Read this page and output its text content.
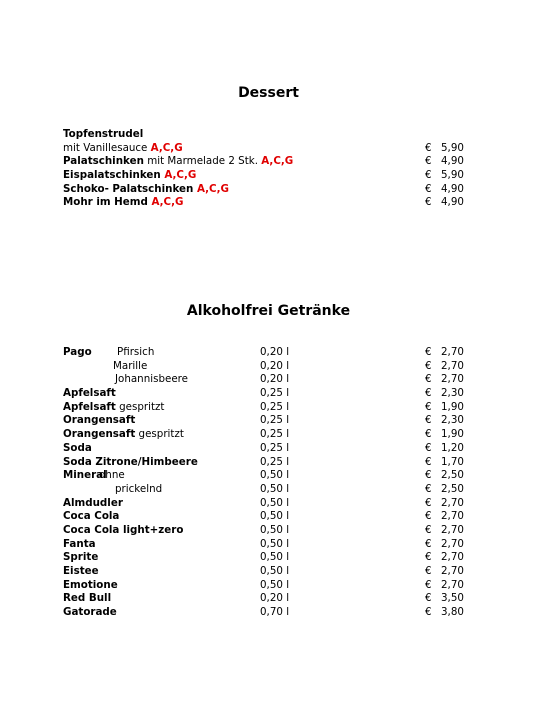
Dessert
Topfenstrudel
mit Vanillesauce A,C,G	€ 5,90
Palatschinken mit Marmelade 2 Stk. A,C,G	€ 4,90
Eispalatschinken A,C,G	€ 5,90
Schoko- Palatschinken A,C,G	€ 4,90
Mohr im Hemd A,C,G	€ 4,90
Alkoholfrei Getränke
Pago Pfirsich	0,20 l	€ 2,70
Marille	0,20 l	€ 2,70
Johannisbeere	0,20 l	€ 2,70
Apfelsaft	0,25 l	€ 2,30
Apfelsaft gespritzt	0,25 l	€ 1,90
Orangensaft	0,25 l	€ 2,30
Orangensaft gespritzt	0,25 l	€ 1,90
Soda	0,25 l	€ 1,20
Soda Zitrone/Himbeere	0,25 l	€ 1,70
Mineral
ohne	0,50 l	€ 2,50
prickelnd	0,50 l	€ 2,50
Almdudler	0,50 l	€ 2,70
Coca Cola	0,50 l	€ 2,70
Coca Cola light+zero	0,50 l	€ 2,70
Fanta	0,50 l	€ 2,70
Sprite	0,50 l	€ 2,70
Eistee	0,50 l	€ 2,70
Emotione	0,50 l	€ 2,70
Red Bull	0,20 l	€ 3,50
Gatorade	0,70 l	€ 3,80
